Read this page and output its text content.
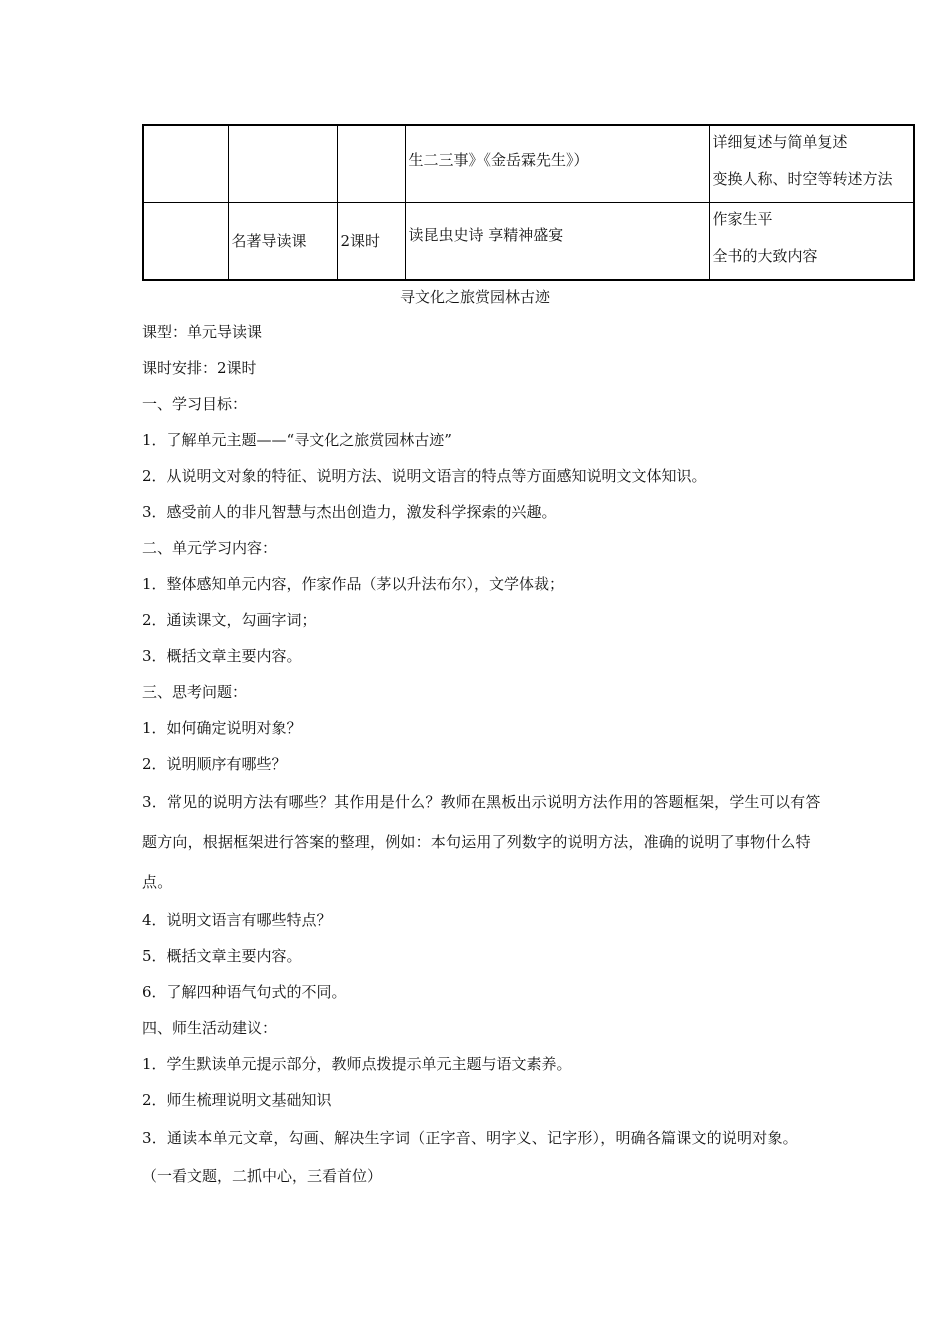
			生二三事》《金岳霖先生》）	详细复述与简单复述
变换人称、时空等转述方法

	名著导读课	2课时	读昆虫史诗 享精神盛宴	作家生平
全书的大致内容
寻文化之旅赏园林古迹

课型：单元导读课

课时安排：2课时

一、学习目标：

1．了解单元主题——“寻文化之旅赏园林古迹”

2．从说明文对象的特征、说明方法、说明文语言的特点等方面感知说明文文体知识。

3．感受前人的非凡智慧与杰出创造力，激发科学探索的兴趣。

二、单元学习内容：

1．整体感知单元内容，作家作品（茅以升法布尔），文学体裁；

2．通读课文，勾画字词；

3．概括文章主要内容。

三、思考问题：

1．如何确定说明对象？

2．说明顺序有哪些？

3．常见的说明方法有哪些？其作用是什么？教师在黑板出示说明方法作用的答题框架，学生可以有答题方向，根据框架进行答案的整理，例如：本句运用了列数字的说明方法，准确的说明了事物什么特点。

4．说明文语言有哪些特点？

5．概括文章主要内容。

6．了解四种语气句式的不同。

四、师生活动建议：

1．学生默读单元提示部分，教师点拨提示单元主题与语文素养。

2．师生梳理说明文基础知识

3．通读本单元文章，勾画、解决生字词（正字音、明字义、记字形），明确各篇课文的说明对象。

（一看文题，二抓中心，三看首位）
